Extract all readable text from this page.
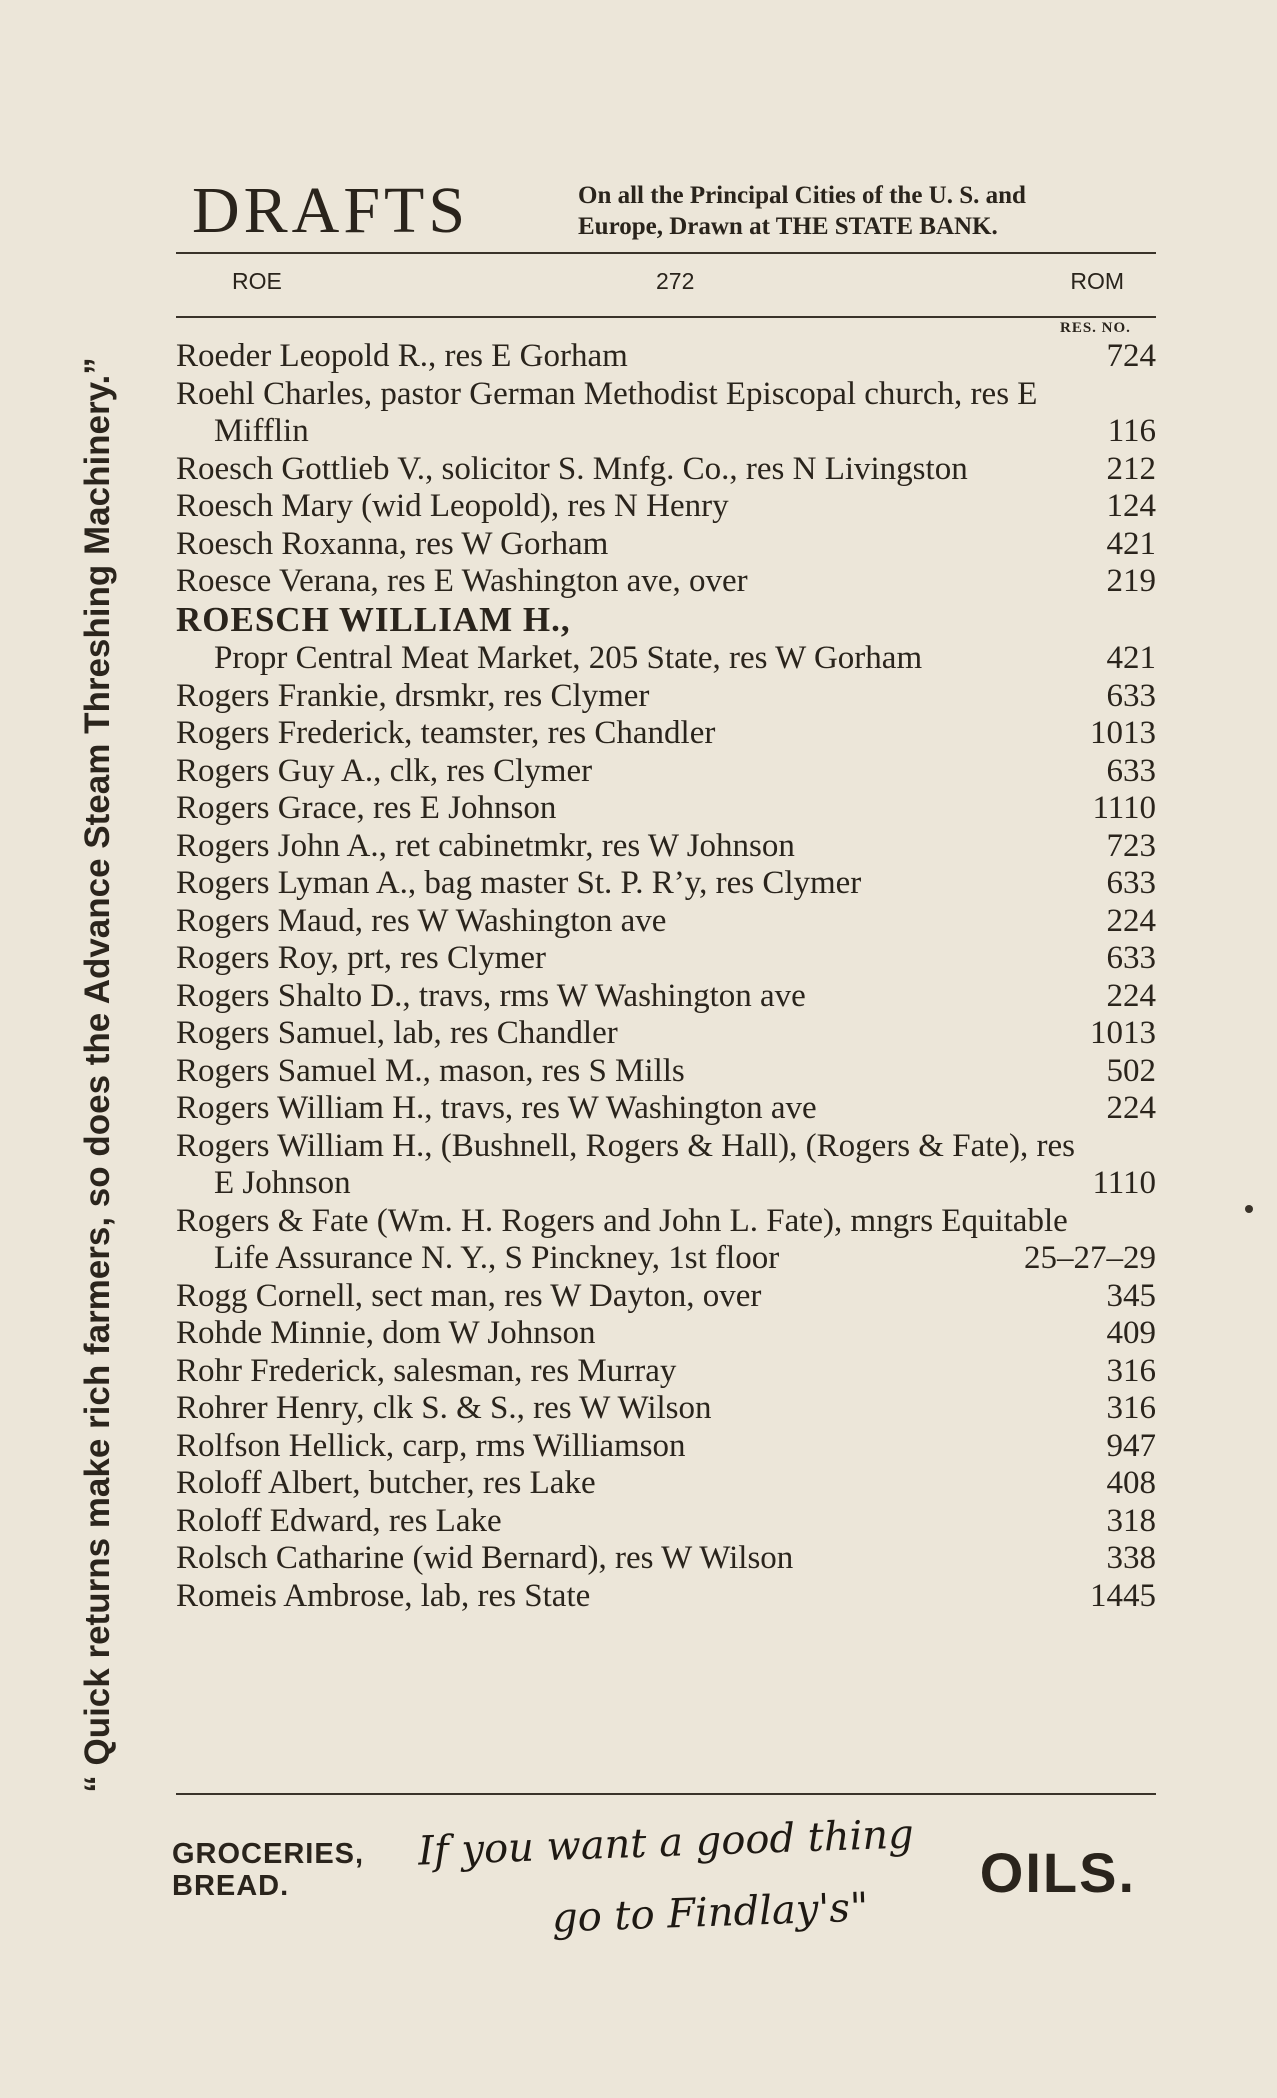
“ Quick returns make rich farmers, so does the Advance Steam Threshing Machinery.”
DRAFTS	On all the Principal Cities of the U. S. and
Europe, Drawn at THE STATE BANK.
ROE	272	ROM
RES. NO.
Roeder Leopold R., res E Gorham	724
Roehl Charles, pastor German Methodist Episcopal church, res E Mifflin	116
Roesch Gottlieb V., solicitor S. Mnfg. Co., res N Livingston	212
Roesch Mary (wid Leopold), res N Henry	124
Roesch Roxanna, res W Gorham	421
Roesce Verana, res E Washington ave, over	219
ROESCH WILLIAM H.,
Propr Central Meat Market, 205 State, res W Gorham	421
Rogers Frankie, drsmkr, res Clymer	633
Rogers Frederick, teamster, res Chandler	1013
Rogers Guy A., clk, res Clymer	633
Rogers Grace, res E Johnson	1110
Rogers John A., ret cabinetmkr, res W Johnson	723
Rogers Lyman A., bag master St. P. R’y, res Clymer	633
Rogers Maud, res W Washington ave	224
Rogers Roy, prt, res Clymer	633
Rogers Shalto D., travs, rms W Washington ave	224
Rogers Samuel, lab, res Chandler	1013
Rogers Samuel M., mason, res S Mills	502
Rogers William H., travs, res W Washington ave	224
Rogers William H., (Bushnell, Rogers & Hall), (Rogers & Fate), res E Johnson	1110
Rogers & Fate (Wm. H. Rogers and John L. Fate), mngrs Equitable Life Assurance N. Y., S Pinckney, 1st floor	25–27–29
Rogg Cornell, sect man, res W Dayton, over	345
Rohde Minnie, dom W Johnson	409
Rohr Frederick, salesman, res Murray	316
Rohrer Henry, clk S. & S., res W Wilson	316
Rolfson Hellick, carp, rms Williamson	947
Roloff Albert, butcher, res Lake	408
Roloff Edward, res Lake	318
Rolsch Catharine (wid Bernard), res W Wilson	338
Romeis Ambrose, lab, res State	1445
GROCERIES,
BREAD.
If you want a good thing
go to Findlay's"
OILS.
